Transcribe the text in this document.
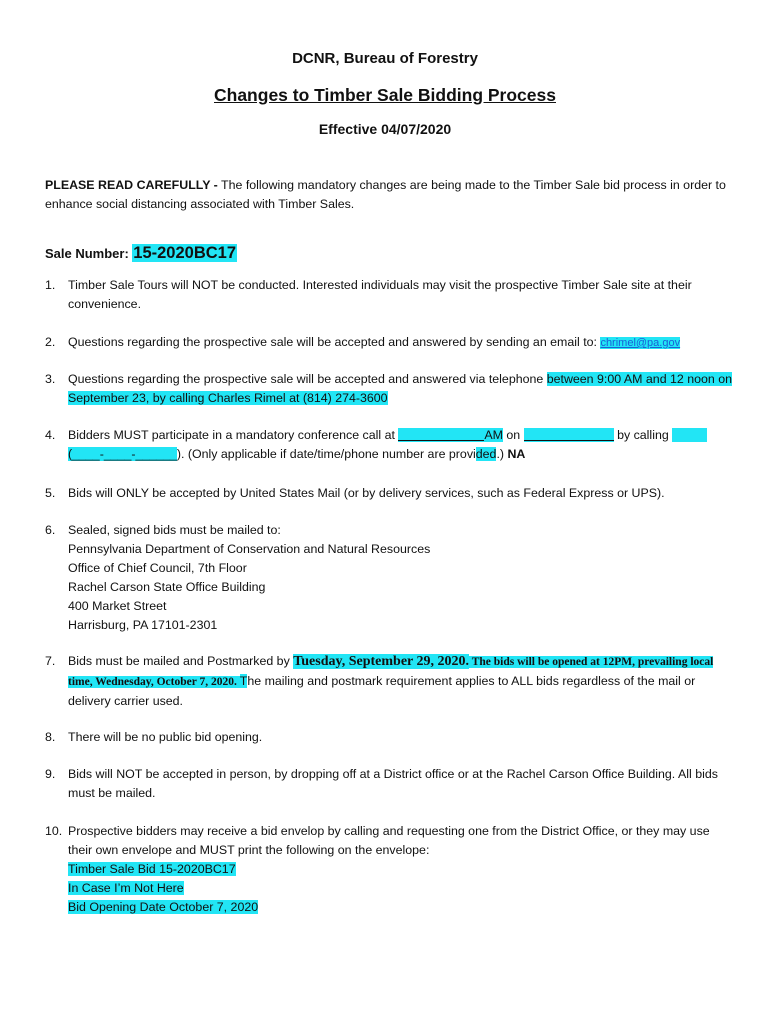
DCNR, Bureau of Forestry
Changes to Timber Sale Bidding Process
Effective 04/07/2020
PLEASE READ CAREFULLY - The following mandatory changes are being made to the Timber Sale bid process in order to enhance social distancing associated with Timber Sales.
Sale Number: 15-2020BC17
1.	Timber Sale Tours will NOT be conducted. Interested individuals may visit the prospective Timber Sale site at their convenience.
2.	Questions regarding the prospective sale will be accepted and answered by sending an email to: chrimel@pa.gov
3.	Questions regarding the prospective sale will be accepted and answered via telephone between 9:00 AM and 12 noon on September 23, by calling Charles Rimel at (814) 274-3600
4.	Bidders MUST participate in a mandatory conference call at	AM on	by calling
(____-____-______). (Only applicable if date/time/phone number are provided.) NA
5.	Bids will ONLY be accepted by United States Mail (or by delivery services, such as Federal Express or UPS).
6.	Sealed, signed bids must be mailed to:
Pennsylvania Department of Conservation and Natural Resources
Office of Chief Council, 7th Floor
Rachel Carson State Office Building
400 Market Street
Harrisburg, PA 17101-2301
7.	Bids must be mailed and Postmarked by Tuesday, September 29, 2020. The bids will be opened at 12PM, prevailing local time, Wednesday, October 7, 2020. The mailing and postmark requirement applies to ALL bids regardless of the mail or delivery carrier used.
8.	There will be no public bid opening.
9.	Bids will NOT be accepted in person, by dropping off at a District office or at the Rachel Carson Office Building. All bids must be mailed.
10. Prospective bidders may receive a bid envelop by calling and requesting one from the District Office, or they may use their own envelope and MUST print the following on the envelope:
Timber Sale Bid 15-2020BC17
In Case I’m Not Here
Bid Opening Date October 7, 2020
